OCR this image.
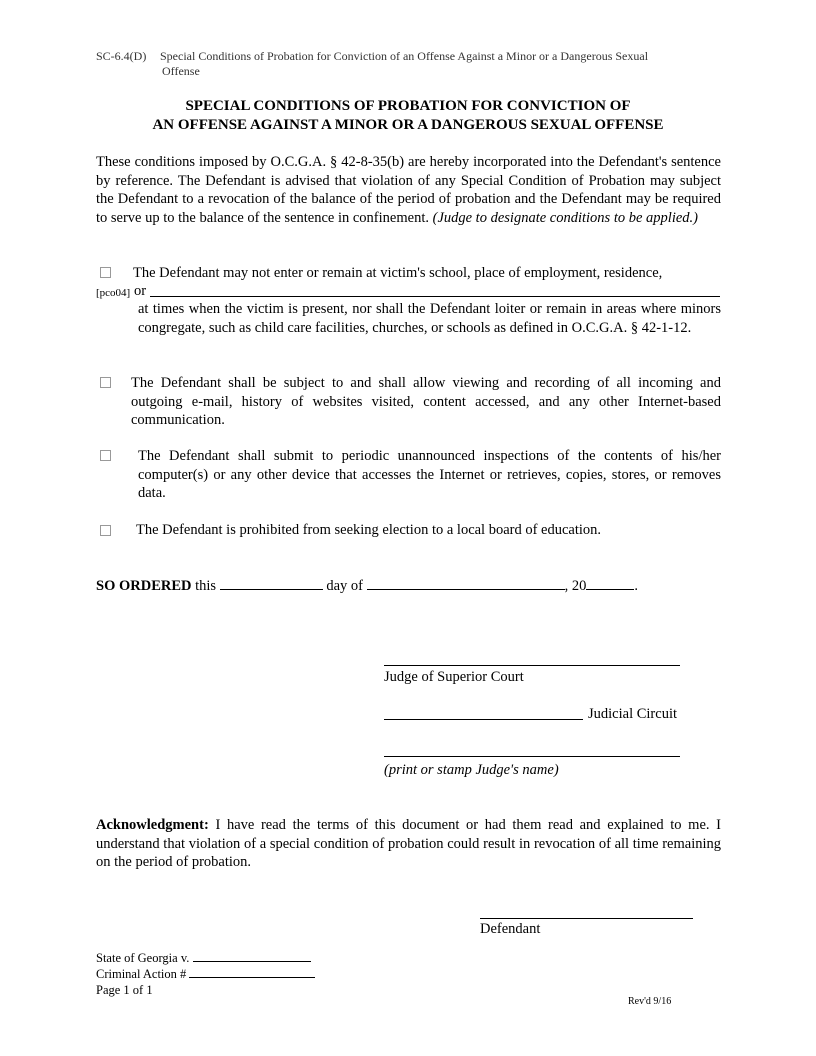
SC-6.4(D) Special Conditions of Probation for Conviction of an Offense Against a Minor or a Dangerous Sexual
Offense
SPECIAL CONDITIONS OF PROBATION FOR CONVICTION OF
AN OFFENSE AGAINST A MINOR OR A DANGEROUS SEXUAL OFFENSE
These conditions imposed by O.C.G.A. § 42-8-35(b) are hereby incorporated into the Defendant's sentence by reference. The Defendant is advised that violation of any Special Condition of Probation may subject the Defendant to a revocation of the balance of the period of probation and the Defendant may be required to serve up to the balance of the sentence in confinement. (Judge to designate conditions to be applied.)
The Defendant may not enter or remain at victim's school, place of employment, residence,
[pco04] or
at times when the victim is present, nor shall the Defendant loiter or remain in areas where minors congregate, such as child care facilities, churches, or schools as defined in O.C.G.A. § 42-1-12.
The Defendant shall be subject to and shall allow viewing and recording of all incoming and outgoing e-mail, history of websites visited, content accessed, and any other Internet-based communication.
The Defendant shall submit to periodic unannounced inspections of the contents of his/her computer(s) or any other device that accesses the Internet or retrieves, copies, stores, or removes data.
The Defendant is prohibited from seeking election to a local board of education.
SO ORDERED this	day of	, 20	.
Judge of Superior Court
Judicial Circuit
(print or stamp Judge's name)
Acknowledgment: I have read the terms of this document or had them read and explained to me. I understand that violation of a special condition of probation could result in revocation of all time remaining on the period of probation.
Defendant
State of Georgia v.
Criminal Action #
Page 1 of 1
Rev'd 9/16
